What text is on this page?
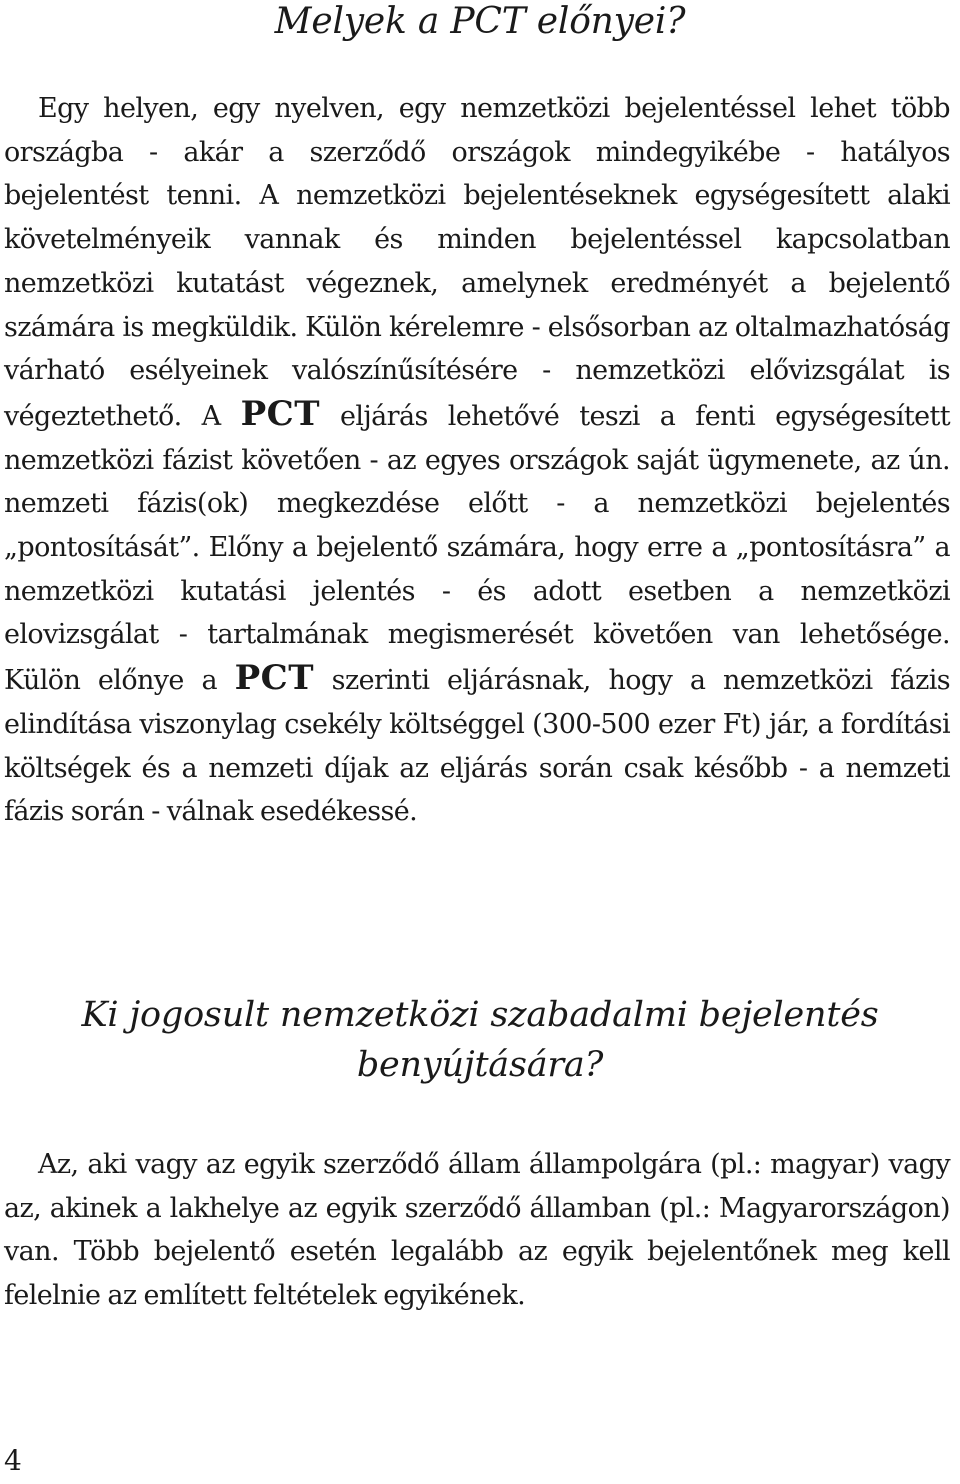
Melyek a PCT előnyei?

Egy helyen, egy nyelven, egy nemzetközi bejelentéssel lehet több országba - akár a szerződő országok mindegyikébe - hatályos bejelentést tenni. A nemzetközi bejelentéseknek egységesített alaki követelményeik vannak és minden bejelentéssel kapcsolatban nemzetközi kutatást végeznek, amelynek eredményét a bejelentő számára is megküldik. Külön kérelemre - elsősorban az oltalmazhatóság várható esélyeinek valószínűsítésére - nemzetközi elővizsgálat is végeztethető. A PCT eljárás lehetővé teszi a fenti egységesített nemzetközi fázist követően - az egyes országok saját ügymenete, az ún. nemzeti fázis(ok) megkezdése előtt - a nemzetközi bejelentés „pontosítását”. Előny a bejelentő számára, hogy erre a „pontosításra” a nemzetközi kutatási jelentés - és adott esetben a nemzetközi elovizsgálat - tartalmának megismerését követően van lehetősége. Külön előnye a PCT szerinti eljárásnak, hogy a nemzetközi fázis elindítása viszonylag csekély költséggel (300-500 ezer Ft) jár, a fordítási költségek és a nemzeti díjak az eljárás során csak később - a nemzeti fázis során - válnak esedékessé.

Ki jogosult nemzetközi szabadalmi bejelentés benyújtására?

Az, aki vagy az egyik szerződő állam állampolgára (pl.: magyar) vagy az, akinek a lakhelye az egyik szerződő államban (pl.: Magyarországon) van. Több bejelentő esetén legalább az egyik bejelentőnek meg kell felelnie az említett feltételek egyikének.

4
